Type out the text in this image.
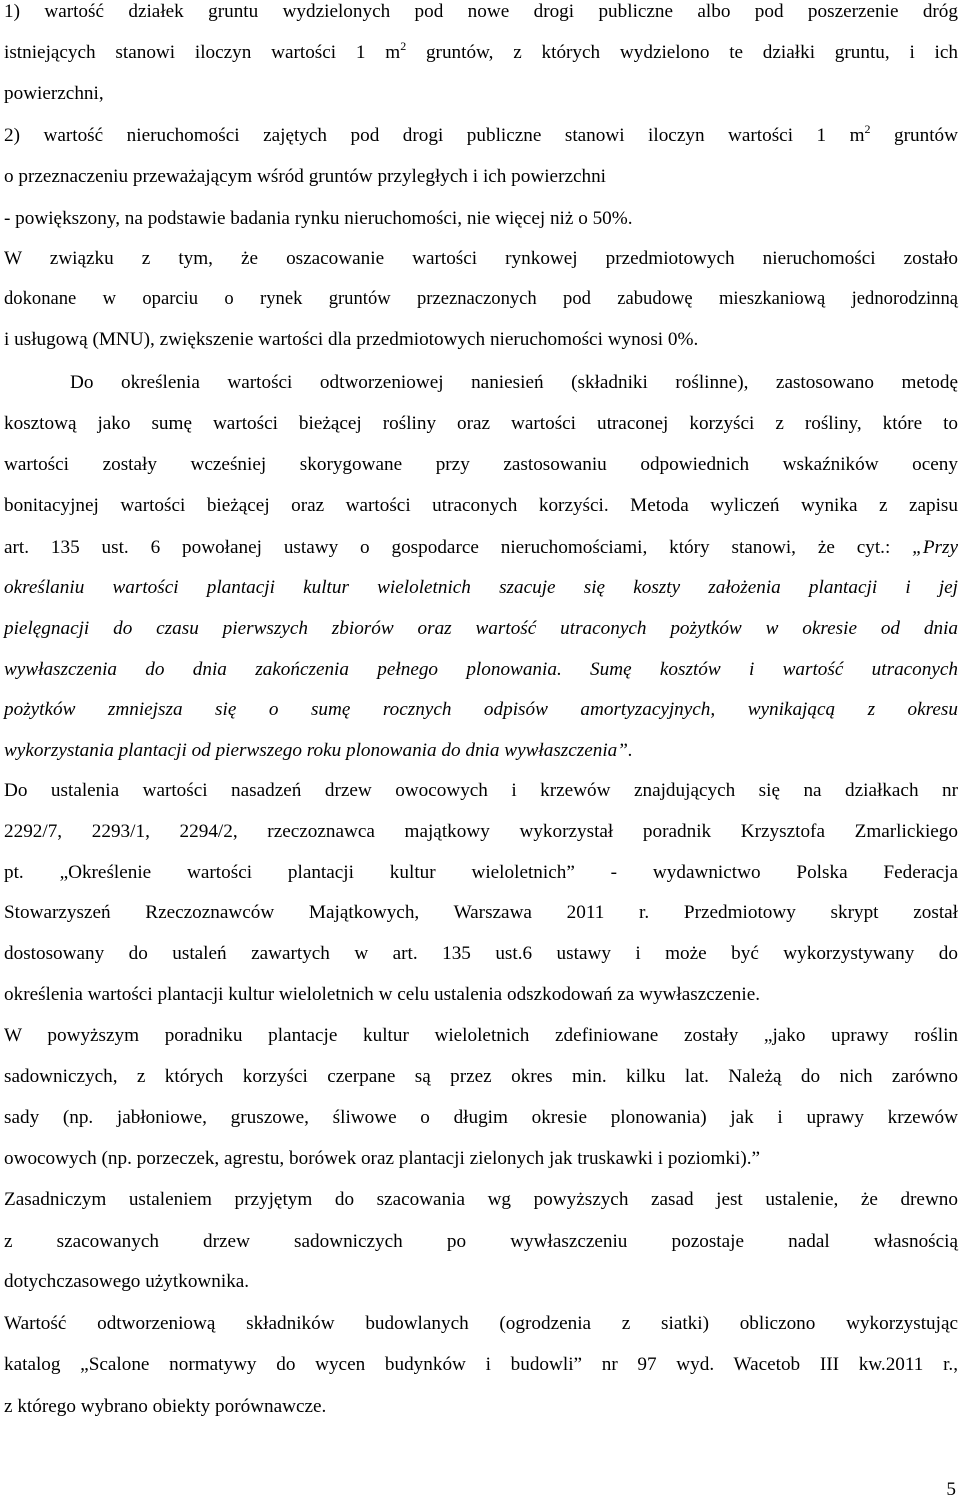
1) wartość działek gruntu wydzielonych pod nowe drogi publiczne albo pod poszerzenie dróg
istniejących stanowi iloczyn wartości 1 $m^2$ gruntów, z których wydzielono te działki gruntu, i ich
powierzchni,
2) wartość nieruchomości zajętych pod drogi publiczne stanowi iloczyn wartości 1 $m^2$ gruntów
o przeznaczeniu przeważającym wśród gruntów przyległych i ich powierzchni
- powiększony, na podstawie badania rynku nieruchomości, nie więcej niż o 50%.
W związku z tym, że oszacowanie wartości rynkowej przedmiotowych nieruchomości zostało
dokonane w oparciu o rynek gruntów przeznaczonych pod zabudowę mieszkaniową jednorodzinną
i usługową (MNU), zwiększenie wartości dla przedmiotowych nieruchomości wynosi 0%.
Do określenia wartości odtworzeniowej naniesień (składniki roślinne), zastosowano metodę
kosztową jako sumę wartości bieżącej rośliny oraz wartości utraconej korzyści z rośliny, które to
wartości zostały wcześniej skorygowane przy zastosowaniu odpowiednich wskaźników oceny
bonitacyjnej wartości bieżącej oraz wartości utraconych korzyści. Metoda wyliczeń wynika z zapisu
art. 135 ust. 6 powołanej ustawy o gospodarce nieruchomościami, który stanowi, że cyt.: „Przy
określaniu wartości plantacji kultur wieloletnich szacuje się koszty założenia plantacji i jej
pielęgnacji do czasu pierwszych zbiorów oraz wartość utraconych pożytków w okresie od dnia
wywłaszczenia do dnia zakończenia pełnego plonowania. Sumę kosztów i wartość utraconych
pożytków zmniejsza się o sumę rocznych odpisów amortyzacyjnych, wynikającą z okresu
wykorzystania plantacji od pierwszego roku plonowania do dnia wywłaszczenia”.
Do ustalenia wartości nasadzeń drzew owocowych i krzewów znajdujących się na działkach nr
2292/7, 2293/1, 2294/2, rzeczoznawca majątkowy wykorzystał poradnik Krzysztofa Zmarlickiego
pt. „Określenie wartości plantacji kultur wieloletnich” - wydawnictwo Polska Federacja
Stowarzyszeń Rzeczoznawców Majątkowych, Warszawa 2011 r. Przedmiotowy skrypt został
dostosowany do ustaleń zawartych w art. 135 ust.6 ustawy i może być wykorzystywany do
określenia wartości plantacji kultur wieloletnich w celu ustalenia odszkodowań za wywłaszczenie.
W powyższym poradniku plantacje kultur wieloletnich zdefiniowane zostały „jako uprawy roślin
sadowniczych, z których korzyści czerpane są przez okres min. kilku lat. Należą do nich zarówno
sady (np. jabłoniowe, gruszowe, śliwowe o długim okresie plonowania) jak i uprawy krzewów
owocowych (np. porzeczek, agrestu, borówek oraz plantacji zielonych jak truskawki i poziomki).”
Zasadniczym ustaleniem przyjętym do szacowania wg powyższych zasad jest ustalenie, że drewno
z szacowanych drzew sadowniczych po wywłaszczeniu pozostaje nadal własnością
dotychczasowego użytkownika.
Wartość odtworzeniową składników budowlanych (ogrodzenia z siatki) obliczono wykorzystując
katalog „Scalone normatywy do wycen budynków i budowli” nr 97 wyd. Wacetob III kw.2011 r.,
z którego wybrano obiekty porównawcze.
5
